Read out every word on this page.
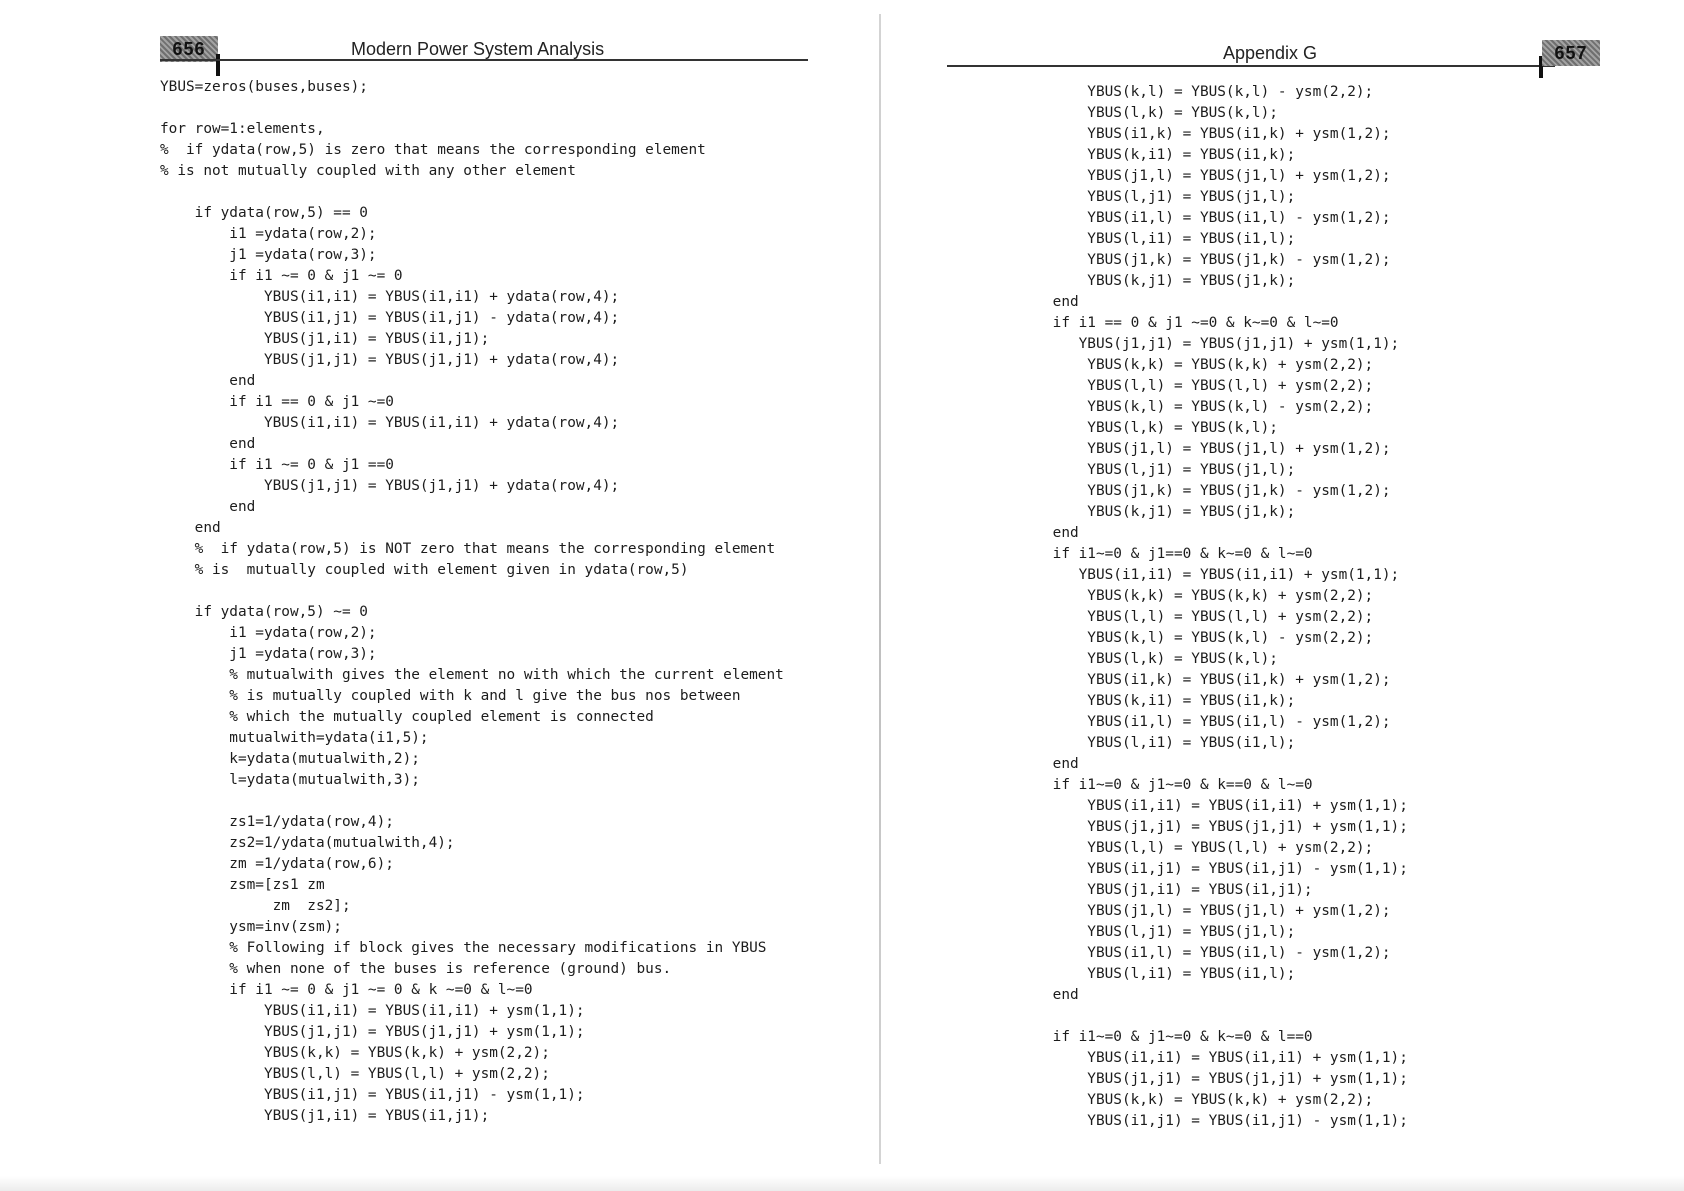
656	Modern Power System Analysis
YBUS=zeros(buses,buses);
for row=1:elements,
%  if ydata(row,5) is zero that means the corresponding element
% is not mutually coupled with any other element
if ydata(row,5) == 0
i1 =ydata(row,2);
j1 =ydata(row,3);
if i1 ~= 0 & j1 ~= 0
YBUS(i1,i1) = YBUS(i1,i1) + ydata(row,4);
YBUS(i1,j1) = YBUS(i1,j1) - ydata(row,4);
YBUS(j1,i1) = YBUS(i1,j1);
YBUS(j1,j1) = YBUS(j1,j1) + ydata(row,4);
end
if i1 == 0 & j1 ~=0
YBUS(i1,i1) = YBUS(i1,i1) + ydata(row,4);
end
if i1 ~= 0 & j1 ==0
YBUS(j1,j1) = YBUS(j1,j1) + ydata(row,4);
end
end
%  if ydata(row,5) is NOT zero that means the corresponding element
% is  mutually coupled with element given in ydata(row,5)
if ydata(row,5) ~= 0
i1 =ydata(row,2);
j1 =ydata(row,3);
% mutualwith gives the element no with which the current element
% is mutually coupled with k and l give the bus nos between
% which the mutually coupled element is connected
mutualwith=ydata(i1,5);
k=ydata(mutualwith,2);
l=ydata(mutualwith,3);
zs1=1/ydata(row,4);
zs2=1/ydata(mutualwith,4);
zm =1/ydata(row,6);
zsm=[zs1 zm
zm  zs2];
ysm=inv(zsm);
% Following if block gives the necessary modifications in YBUS
% when none of the buses is reference (ground) bus.
if i1 ~= 0 & j1 ~= 0 & k ~=0 & l~=0
YBUS(i1,i1) = YBUS(i1,i1) + ysm(1,1);
YBUS(j1,j1) = YBUS(j1,j1) + ysm(1,1);
YBUS(k,k) = YBUS(k,k) + ysm(2,2);
YBUS(l,l) = YBUS(l,l) + ysm(2,2);
YBUS(i1,j1) = YBUS(i1,j1) - ysm(1,1);
YBUS(j1,i1) = YBUS(i1,j1);
Appendix G	657
YBUS(k,l) = YBUS(k,l) - ysm(2,2);
YBUS(l,k) = YBUS(k,l);
YBUS(i1,k) = YBUS(i1,k) + ysm(1,2);
YBUS(k,i1) = YBUS(i1,k);
YBUS(j1,l) = YBUS(j1,l) + ysm(1,2);
YBUS(l,j1) = YBUS(j1,l);
YBUS(i1,l) = YBUS(i1,l) - ysm(1,2);
YBUS(l,i1) = YBUS(i1,l);
YBUS(j1,k) = YBUS(j1,k) - ysm(1,2);
YBUS(k,j1) = YBUS(j1,k);
end
if i1 == 0 & j1 ~=0 & k~=0 & l~=0
YBUS(j1,j1) = YBUS(j1,j1) + ysm(1,1);
YBUS(k,k) = YBUS(k,k) + ysm(2,2);
YBUS(l,l) = YBUS(l,l) + ysm(2,2);
YBUS(k,l) = YBUS(k,l) - ysm(2,2);
YBUS(l,k) = YBUS(k,l);
YBUS(j1,l) = YBUS(j1,l) + ysm(1,2);
YBUS(l,j1) = YBUS(j1,l);
YBUS(j1,k) = YBUS(j1,k) - ysm(1,2);
YBUS(k,j1) = YBUS(j1,k);
end
if i1~=0 & j1==0 & k~=0 & l~=0
YBUS(i1,i1) = YBUS(i1,i1) + ysm(1,1);
YBUS(k,k) = YBUS(k,k) + ysm(2,2);
YBUS(l,l) = YBUS(l,l) + ysm(2,2);
YBUS(k,l) = YBUS(k,l) - ysm(2,2);
YBUS(l,k) = YBUS(k,l);
YBUS(i1,k) = YBUS(i1,k) + ysm(1,2);
YBUS(k,i1) = YBUS(i1,k);
YBUS(i1,l) = YBUS(i1,l) - ysm(1,2);
YBUS(l,i1) = YBUS(i1,l);
end
if i1~=0 & j1~=0 & k==0 & l~=0
YBUS(i1,i1) = YBUS(i1,i1) + ysm(1,1);
YBUS(j1,j1) = YBUS(j1,j1) + ysm(1,1);
YBUS(l,l) = YBUS(l,l) + ysm(2,2);
YBUS(i1,j1) = YBUS(i1,j1) - ysm(1,1);
YBUS(j1,i1) = YBUS(i1,j1);
YBUS(j1,l) = YBUS(j1,l) + ysm(1,2);
YBUS(l,j1) = YBUS(j1,l);
YBUS(i1,l) = YBUS(i1,l) - ysm(1,2);
YBUS(l,i1) = YBUS(i1,l);
end
if i1~=0 & j1~=0 & k~=0 & l==0
YBUS(i1,i1) = YBUS(i1,i1) + ysm(1,1);
YBUS(j1,j1) = YBUS(j1,j1) + ysm(1,1);
YBUS(k,k) = YBUS(k,k) + ysm(2,2);
YBUS(i1,j1) = YBUS(i1,j1) - ysm(1,1);
